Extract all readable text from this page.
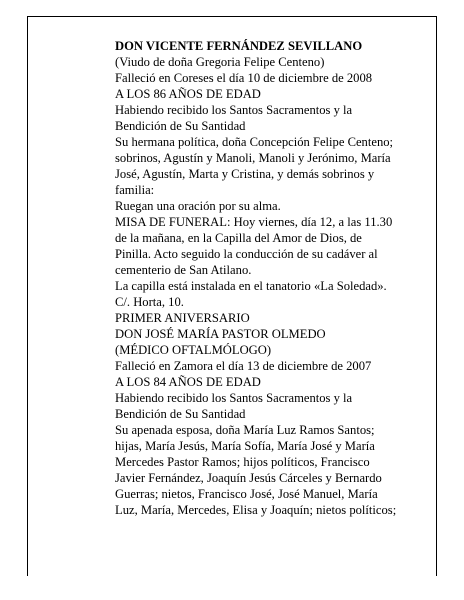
DON VICENTE FERNÁNDEZ SEVILLANO
(Viudo de doña Gregoria Felipe Centeno)
Falleció en Coreses el día 10 de diciembre de 2008
A LOS 86 AÑOS DE EDAD
Habiendo recibido los Santos Sacramentos y la
Bendición de Su Santidad
Su hermana política, doña Concepción Felipe Centeno;
sobrinos, Agustín y Manoli, Manoli y Jerónimo, María
José, Agustín, Marta y Cristina, y demás sobrinos y
familia:
Ruegan una oración por su alma.
MISA DE FUNERAL: Hoy viernes, día 12, a las 11.30
de la mañana, en la Capilla del Amor de Dios, de
Pinilla. Acto seguido la conducción de su cadáver al
cementerio de San Atilano.
La capilla está instalada en el tanatorio «La Soledad».
C/. Horta, 10.
PRIMER ANIVERSARIO
DON JOSÉ MARÍA PASTOR OLMEDO
(MÉDICO OFTALMÓLOGO)
Falleció en Zamora el día 13 de diciembre de 2007
A LOS 84 AÑOS DE EDAD
Habiendo recibido los Santos Sacramentos y la
Bendición de Su Santidad
Su apenada esposa, doña María Luz Ramos Santos;
hijas, María Jesús, María Sofía, María José y María
Mercedes Pastor Ramos; hijos políticos, Francisco
Javier Fernández, Joaquín Jesús Cárceles y Bernardo
Guerras; nietos, Francisco José, José Manuel, María
Luz, María, Mercedes, Elisa y Joaquín; nietos políticos;
